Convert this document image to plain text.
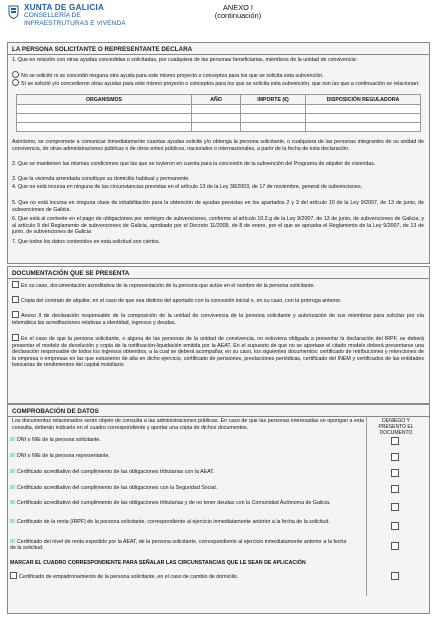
XUNTA DE GALICIA
CONSELLERÍA DE
INFRAESTRUTURAS E VIVENDA
ANEXO I
(continuación)
LA PERSONA SOLICITANTE O REPRESENTANTE DECLARA
1. Que en relación con otras ayudas concedidas o solicitadas, por cualquiera de las personas beneficiarias, miembros de la unidad de convivencia:
No se solicitó ni se concedió ninguna otra ayuda para este mismo proyecto o conceptos para los que se solicita esta subvención.
Sí se solicitó y/o concedieron otras ayudas para este mismo proyecto o conceptos para los que se solicita esta subvención, que son las que a continuación se relacionan:
ORGANISMOS	AÑO	IMPORTE (€)	DISPOSICIÓN REGULADORA

Asimismo, se compromete a comunicar inmediatamente cuantas ayudas solicite y/o obtenga la persona solicitante, o cualquiera de las personas integrantes de su unidad de convivencia, de otras administraciones públicas o de otros entes públicos, nacionales o internacionales, a partir de la fecha de esta declaración.
2. Que se mantienen las mismas condiciones que las que se tuvieron en cuenta para la concesión de la subvención del Programa de alquiler de viviendas.
3. Que la vivienda arrendada constituye su domicilio habitual y permanente.
4. Que no está incursa en ninguna de las circunstancias previstas en el artículo 13 de la Ley 38/2003, de 17 de noviembre, general de subvenciones.
5. Que no está incursa en ninguna clase de inhabilitación para la obtención de ayudas previstas en los apartados 2 y 3 del artículo 10 de la Ley 9/2007, de 13 de junio, de subvenciones de Galicia.
6. Que está al corriente en el pago de obligaciones por reintegro de subvenciones, conforme al artículo 10.2.g de la Ley 9/2007, de 13 de junio, de subvenciones de Galicia, y al artículo 9 del Reglamento de subvenciones de Galicia, aprobado por el Decreto 11/2009, de 8 de enero, por el que se aprueba el Reglamento de la Ley 9/2007, de 13 de junio, de subvenciones de Galicia
7. Que todos los datos contenidos en esta solicitud son ciertos.
DOCUMENTACIÓN QUE SE PRESENTA
En su caso, documentación acreditativa de la representación de la persona que actúe en el nombre de la persona solicitante.
Copia del contrato de alquiler, en el caso de que sea distinto del aportado con la concesión inicial o, en su caso, con la prórroga anterior.
Anexo II de declaración responsable de la composición de la unidad de convivencia de la persona solicitante y autorización de sus miembros para solicitar por vía telemática las acreditaciones relativas a identidad, ingresos y deudas.
En el caso de que la persona solicitante, o alguna de las personas de la unidad de convivencia, no estuviera obligada a presentar la declaración del IRPF, se deberá presentar el modelo de devolución y copia de la notificación-liquidación emitida por la AEAT. En el supuesto de que no se aportase el citado modelo deberá presentarse una declaración responsable de todos los ingresos obtenidos, a la cual se deberá acompañar, en su caso, los siguientes documentos: certificado de retribuciones y retenciones de la empresa o empresas en las que estuvieron de alta en dicho ejercicio, certificado de pensiones, prestaciones periódicas, certificado del INEM y certificados de las entidades bancarias de rendimientos del capital mobiliario.
COMPROBACIÓN DE DATOS
Los documentos relacionados serán objeto de consulta a las administraciones públicas. En caso de que las personas interesadas se opongan a esta consulta, deberán indicarlo en el cuadro correspondiente y aportar una copia de dichos documentos.
DENIEGO Y PRESENTO EL DOCUMENTO
☒ DNI o NIE de la persona solicitante.
☒ DNI o NIE de la persona representante.
☒ Certificado acreditativo del cumplimiento de las obligaciones tributarias con la AEAT.
☒ Certificado acreditativo del cumplimiento de las obligaciones con la Seguridad Social.
☒ Certificado acreditativo del cumplimiento de las obligaciones tributarias y de no tener deudas con la Comunidad Autónoma de Galicia.
☒ Certificado de la renta (IRPF) de la persona solicitante, correspondiente al ejercicio inmediatamente anterior a la fecha de la solicitud.
☒ Certificado del nivel de renta expedido por la AEAT, de la persona solicitante, correspondiente al ejercicio inmediatamente anterior a la fecha de la solicitud.
MARCAR EL CUADRO CORRESPONDIENTE PARA SEÑALAR LAS CIRCUNSTANCIAS QUE LE SEAN DE APLICACIÓN
Certificado de empadronamiento de la persona solicitante, en el caso de cambio de domicilio.
